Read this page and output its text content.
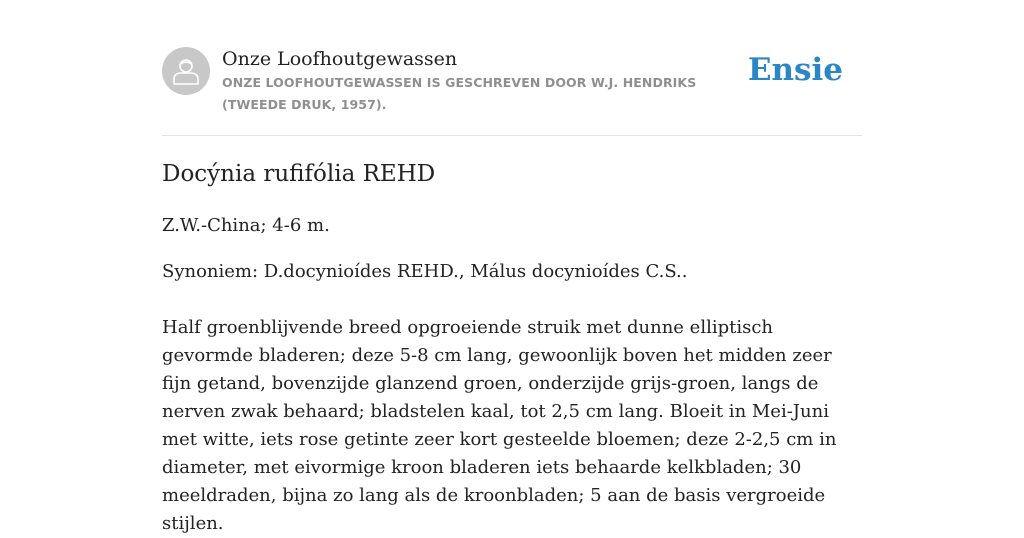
Onze Loofhoutgewassen
ONZE LOOFHOUTGEWASSEN IS GESCHREVEN DOOR W.J. HENDRIKS (TWEEDE DRUK, 1957).
Ensie
Docýnia rufifólia REHD

Z.W.-China; 4-6 m.

Synoniem: D.docynioídes REHD., Málus docynioídes C.S..

Half groenblijvende breed opgroeiende struik met dunne elliptisch gevormde bladeren; deze 5-8 cm lang, gewoonlijk boven het midden zeer fijn getand, bovenzijde glanzend groen, onderzijde grijs-groen, langs de nerven zwak behaard; bladstelen kaal, tot 2,5 cm lang. Bloeit in Mei-Juni met witte, iets rose getinte zeer kort gesteelde bloemen; deze 2-2,5 cm in diameter, met eivormige kroon bladeren iets behaarde kelkbladen; 30 meeldraden, bijna zo lang als de kroonbladen; 5 aan de basis vergroeide stijlen.
